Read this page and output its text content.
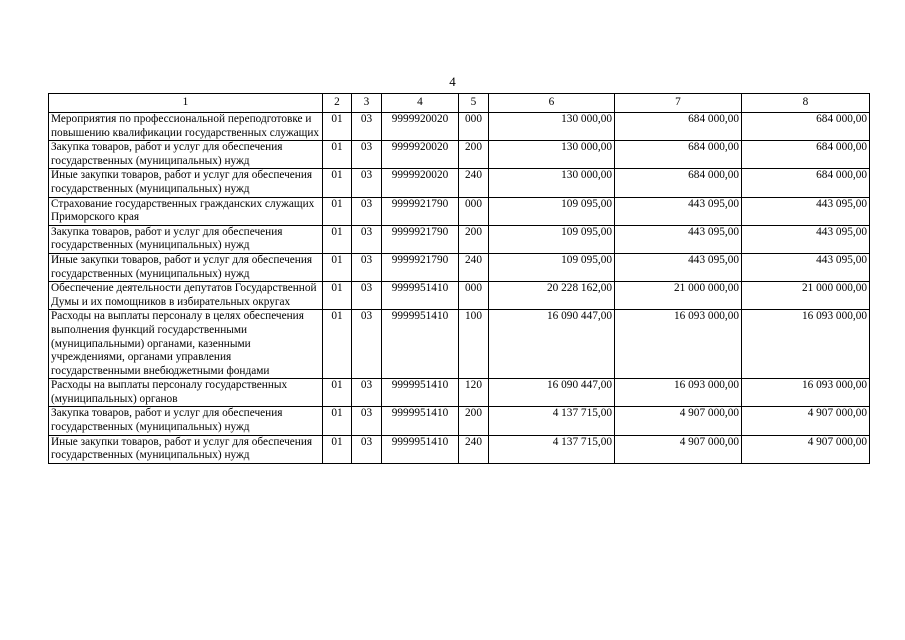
4
1	2	3	4	5	6	7	8
Мероприятия по профессиональной переподготовке и повышению квалификации государственных служащих	01	03	9999920020	000	130 000,00	684 000,00	684 000,00
Закупка товаров, работ и услуг для обеспечения государственных (муниципальных) нужд	01	03	9999920020	200	130 000,00	684 000,00	684 000,00
Иные закупки товаров, работ и услуг для обеспечения государственных (муниципальных) нужд	01	03	9999920020	240	130 000,00	684 000,00	684 000,00
Страхование государственных гражданских служащих Приморского края	01	03	9999921790	000	109 095,00	443 095,00	443 095,00
Закупка товаров, работ и услуг для обеспечения государственных (муниципальных) нужд	01	03	9999921790	200	109 095,00	443 095,00	443 095,00
Иные закупки товаров, работ и услуг для обеспечения государственных (муниципальных) нужд	01	03	9999921790	240	109 095,00	443 095,00	443 095,00
Обеспечение деятельности депутатов Государственной Думы и их помощников в избирательных округах	01	03	9999951410	000	20 228 162,00	21 000 000,00	21 000 000,00
Расходы на выплаты персоналу в целях обеспечения выполнения функций государственными (муниципальными) органами, казенными учреждениями, органами управления государственными внебюджетными фондами	01	03	9999951410	100	16 090 447,00	16 093 000,00	16 093 000,00
Расходы на выплаты персоналу государственных (муниципальных) органов	01	03	9999951410	120	16 090 447,00	16 093 000,00	16 093 000,00
Закупка товаров, работ и услуг для обеспечения государственных (муниципальных) нужд	01	03	9999951410	200	4 137 715,00	4 907 000,00	4 907 000,00
Иные закупки товаров, работ и услуг для обеспечения государственных (муниципальных) нужд	01	03	9999951410	240	4 137 715,00	4 907 000,00	4 907 000,00
